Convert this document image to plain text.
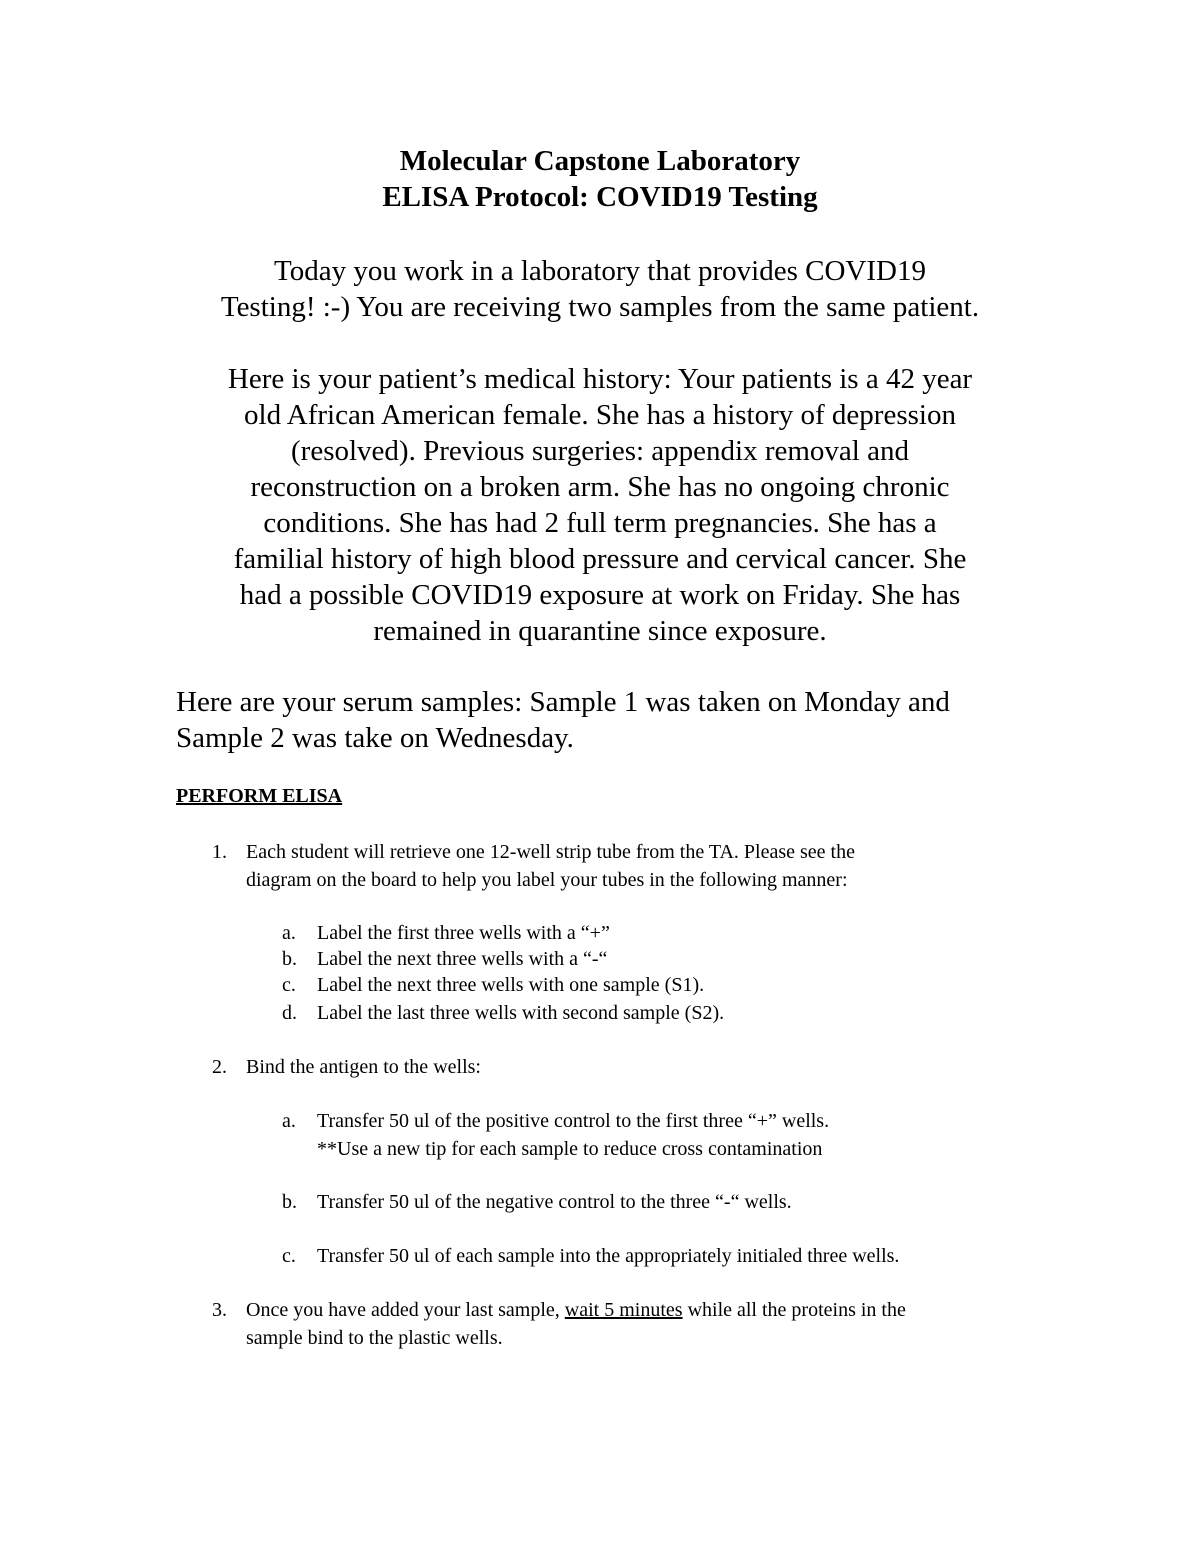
Molecular Capstone Laboratory
ELISA Protocol: COVID19 Testing
Today you work in a laboratory that provides COVID19
Testing! :-) You are receiving two samples from the same patient.
Here is your patient’s medical history: Your patients is a 42 year
old African American female. She has a history of depression
(resolved). Previous surgeries: appendix removal and
reconstruction on a broken arm. She has no ongoing chronic
conditions. She has had 2 full term pregnancies. She has a
familial history of high blood pressure and cervical cancer. She
had a possible COVID19 exposure at work on Friday. She has
remained in quarantine since exposure.
Here are your serum samples: Sample 1 was taken on Monday and
Sample 2 was take on Wednesday.
PERFORM ELISA
1. Each student will retrieve one 12-well strip tube from the TA. Please see the
diagram on the board to help you label your tubes in the following manner:
a. Label the first three wells with a “+”
b. Label the next three wells with a “-“
c. Label the next three wells with one sample (S1).
d. Label the last three wells with second sample (S2).
2. Bind the antigen to the wells:
a. Transfer 50 ul of the positive control to the first three “+” wells.
**Use a new tip for each sample to reduce cross contamination
b. Transfer 50 ul of the negative control to the three “-“ wells.
c. Transfer 50 ul of each sample into the appropriately initialed three wells.
3. Once you have added your last sample, wait 5 minutes while all the proteins in the
sample bind to the plastic wells.
